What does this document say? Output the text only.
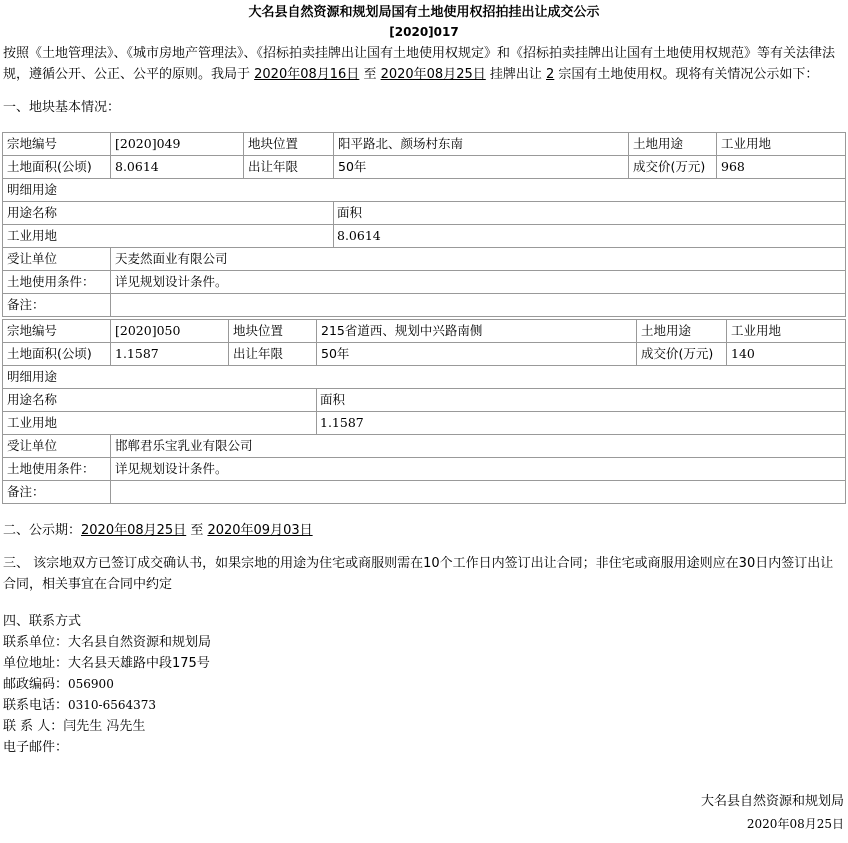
大名县自然资源和规划局国有土地使用权招拍挂出让成交公示
[2020]017
按照《土地管理法》、《城市房地产管理法》、《招标拍卖挂牌出让国有土地使用权规定》和《招标拍卖挂牌出让国有土地使用权规范》等有关法律法规，遵循公开、公正、公平的原则。我局于 2020年08月16日 至 2020年08月25日 挂牌出让 2 宗国有土地使用权。现将有关情况公示如下：
一、地块基本情况：
宗地编号	[2020]049	地块位置	阳平路北、颜场村东南	土地用途	工业用地
土地面积(公顷)	8.0614	出让年限	50年	成交价(万元)	968
明细用途					
用途名称			面积		
工业用地			8.0614		
受让单位	天麦然面业有限公司				
土地使用条件：	详见规划设计条件。				
备注：					
宗地编号	[2020]050	地块位置	215省道西、规划中兴路南侧	土地用途	工业用地
土地面积(公顷)	1.1587	出让年限	50年	成交价(万元)	140
明细用途					
用途名称			面积		
工业用地			1.1587		
受让单位	邯郸君乐宝乳业有限公司				
土地使用条件：	详见规划设计条件。				
备注：					
二、公示期：2020年08月25日 至 2020年09月03日
三、 该宗地双方已签订成交确认书，如果宗地的用途为住宅或商服则需在10个工作日内签订出让合同；非住宅或商服用途则应在30日内签订出让合同，相关事宜在合同中约定
四、联系方式
联系单位：大名县自然资源和规划局
单位地址：大名县天雄路中段175号
邮政编码：056900
联系电话：0310-6564373
联 系 人：闫先生 冯先生
电子邮件：
大名县自然资源和规划局
2020年08月25日
